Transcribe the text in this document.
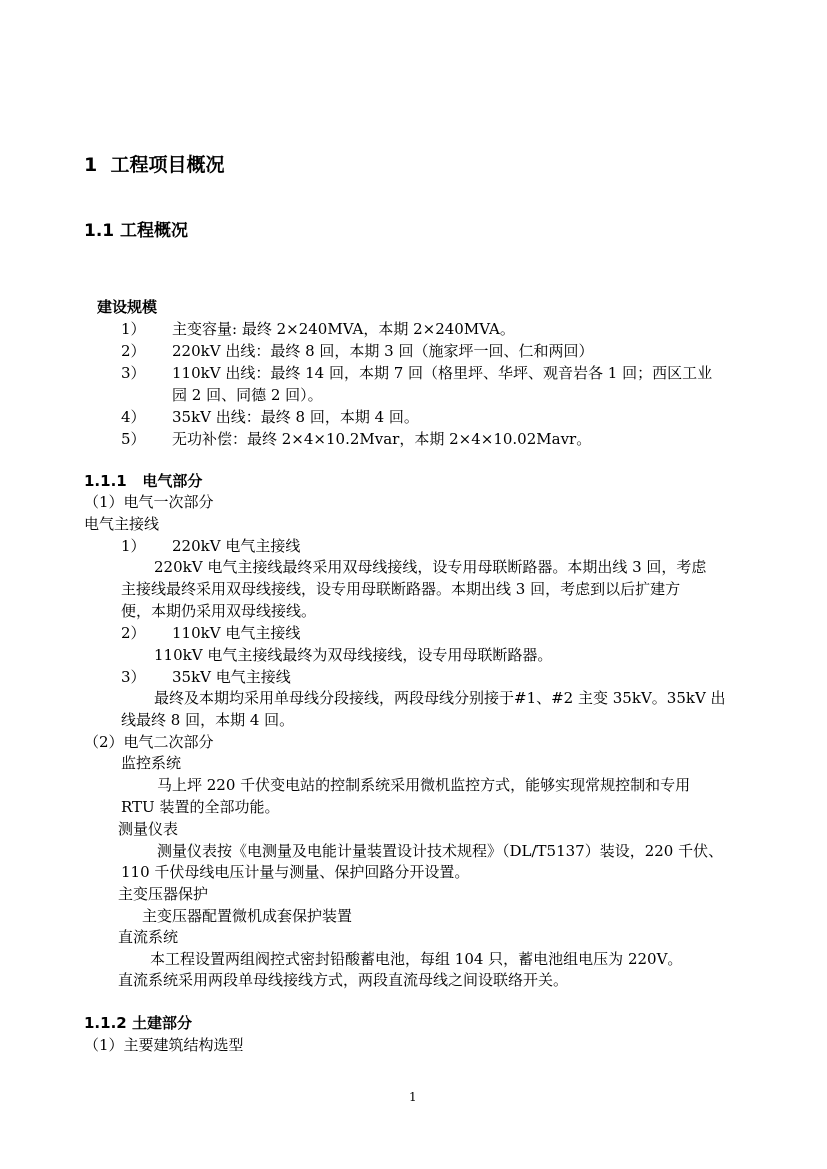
1 工程项目概况
1.1 工程概况
建设规模
1） 主变容量: 最终 2×240MVA，本期 2×240MVA。
2） 220kV 出线：最终 8 回，本期 3 回（施家坪一回、仁和两回）
3） 110kV 出线：最终 14 回，本期 7 回（格里坪、华坪、观音岩各 1 回；西区工业
园 2 回、同德 2 回）。
4） 35kV 出线：最终 8 回，本期 4 回。
5） 无功补偿：最终 2×4×10.2Mvar，本期 2×4×10.02Mavr。
1.1.1 电气部分
（1）电气一次部分
电气主接线
1） 220kV 电气主接线
220kV 电气主接线最终采用双母线接线，设专用母联断路器。本期出线 3 回，考虑
主接线最终采用双母线接线，设专用母联断路器。本期出线 3 回，考虑到以后扩建方
便，本期仍采用双母线接线。
2） 110kV 电气主接线
110kV 电气主接线最终为双母线接线，设专用母联断路器。
3） 35kV 电气主接线
最终及本期均采用单母线分段接线，两段母线分别接于#1、#2 主变 35kV。35kV 出
线最终 8 回，本期 4 回。
（2）电气二次部分
监控系统
马上坪 220 千伏变电站的控制系统采用微机监控方式，能够实现常规控制和专用
RTU 装置的全部功能。
测量仪表
测量仪表按《电测量及电能计量装置设计技术规程》（DL/T5137）装设，220 千伏、
110 千伏母线电压计量与测量、保护回路分开设置。
主变压器保护
主变压器配置微机成套保护装置
直流系统
本工程设置两组阀控式密封铅酸蓄电池，每组 104 只，蓄电池组电压为 220V。
直流系统采用两段单母线接线方式，两段直流母线之间设联络开关。
1.1.2 土建部分
（1）主要建筑结构选型
1
